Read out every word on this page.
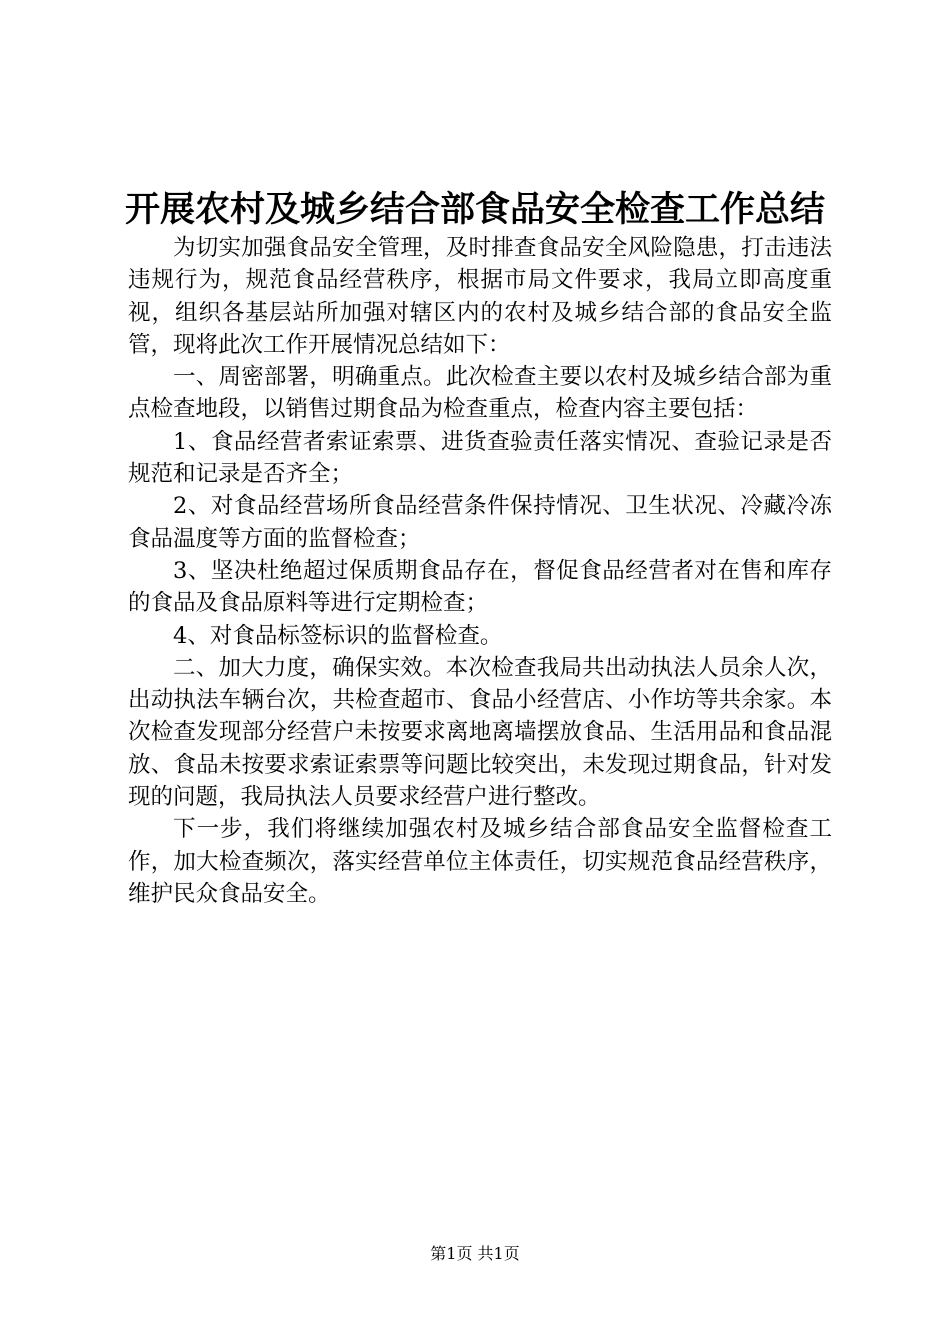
开展农村及城乡结合部食品安全检查工作总结

为切实加强食品安全管理，及时排查食品安全风险隐患，打击违法违规行为，规范食品经营秩序，根据市局文件要求，我局立即高度重视，组织各基层站所加强对辖区内的农村及城乡结合部的食品安全监管，现将此次工作开展情况总结如下：

一、周密部署，明确重点。此次检查主要以农村及城乡结合部为重点检查地段，以销售过期食品为检查重点，检查内容主要包括：

1、食品经营者索证索票、进货查验责任落实情况、查验记录是否规范和记录是否齐全；

2、对食品经营场所食品经营条件保持情况、卫生状况、冷藏冷冻食品温度等方面的监督检查；

3、坚决杜绝超过保质期食品存在，督促食品经营者对在售和库存的食品及食品原料等进行定期检查；

4、对食品标签标识的监督检查。

二、加大力度，确保实效。本次检查我局共出动执法人员余人次，出动执法车辆台次，共检查超市、食品小经营店、小作坊等共余家。本次检查发现部分经营户未按要求离地离墙摆放食品、生活用品和食品混放、食品未按要求索证索票等问题比较突出，未发现过期食品，针对发现的问题，我局执法人员要求经营户进行整改。

下一步，我们将继续加强农村及城乡结合部食品安全监督检查工作，加大检查频次，落实经营单位主体责任，切实规范食品经营秩序，维护民众食品安全。

第1页 共1页
